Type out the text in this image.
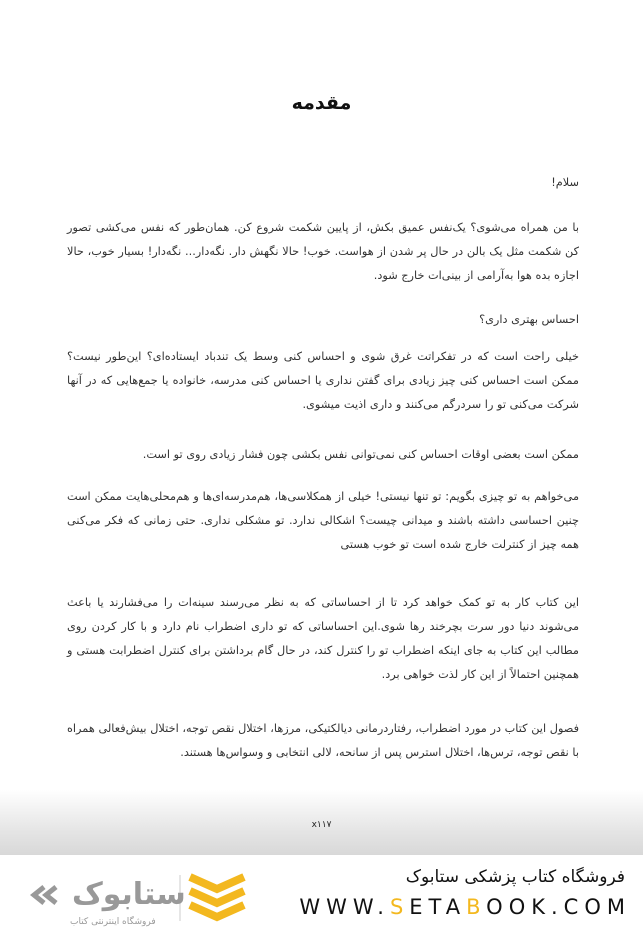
مقدمه
سلام!
با من همراه می‌شوی؟ یک‌نفس عمیق بکش، از پایین شکمت شروع کن. همان‌طور که نفس می‌کشی تصور کن شکمت مثل یک بالن در حال پر شدن از هواست. خوب! حالا نگهش دار. نگه‌دار... نگه‌دار! بسیار خوب، حالا اجازه بده هوا به‌آرامی از بینی‌ات خارج شود.
احساس بهتری داری؟
خیلی راحت است که در تفکراتت غرق شوی و احساس کنی وسط یک تندباد ایستاده‌ای؟ این‌طور نیست؟ ممکن است احساس کنی چیز زیادی برای گفتن نداری یا احساس کنی مدرسه، خانواده یا جمع‌هایی که در آنها شرکت می‌کنی تو را سردرگم می‌کنند و داری اذیت میشوی.
ممکن است بعضی اوقات احساس کنی نمی‌توانی نفس بکشی چون فشار زیادی روی تو است.
می‌خواهم به تو چیزی بگویم: تو تنها نیستی! خیلی از همکلاسی‌ها، هم‌مدرسه‌ای‌ها و هم‌محلی‌هایت ممکن است چنین احساسی داشته باشند و میدانی چیست؟ اشکالی ندارد. تو مشکلی نداری. حتی زمانی که فکر می‌کنی همه چیز از کنترلت خارج شده است تو خوب هستی
این کتاب کار به تو کمک خواهد کرد تا از احساساتی که به نظر می‌رسند سینه‌ات را می‌فشارند یا باعث می‌شوند دنیا دور سرت بچرخند رها شوی.این احساساتی که تو داری اضطراب نام دارد و با کار کردن روی مطالب این کتاب به جای اینکه اضطراب تو را کنترل کند، در حال گام برداشتن برای کنترل اضطرابت هستی و همچنین احتمالاً از این کار لذت خواهی برد.
فصول این کتاب در مورد اضطراب، رفتاردرمانی دیالکتیکی، مرزها، اختلال نقص توجه، اختلال بیش‌فعالی همراه با نقص توجه، ترس‌ها، اختلال استرس پس از سانحه، لالی انتخابی و وسواس‌ها هستند.
x۱۱۷
ستابوک
فروشگاه اینترنتی کتاب
فروشگاه کتاب پزشکی ستابوک
WWW.SETABOOK.COM
